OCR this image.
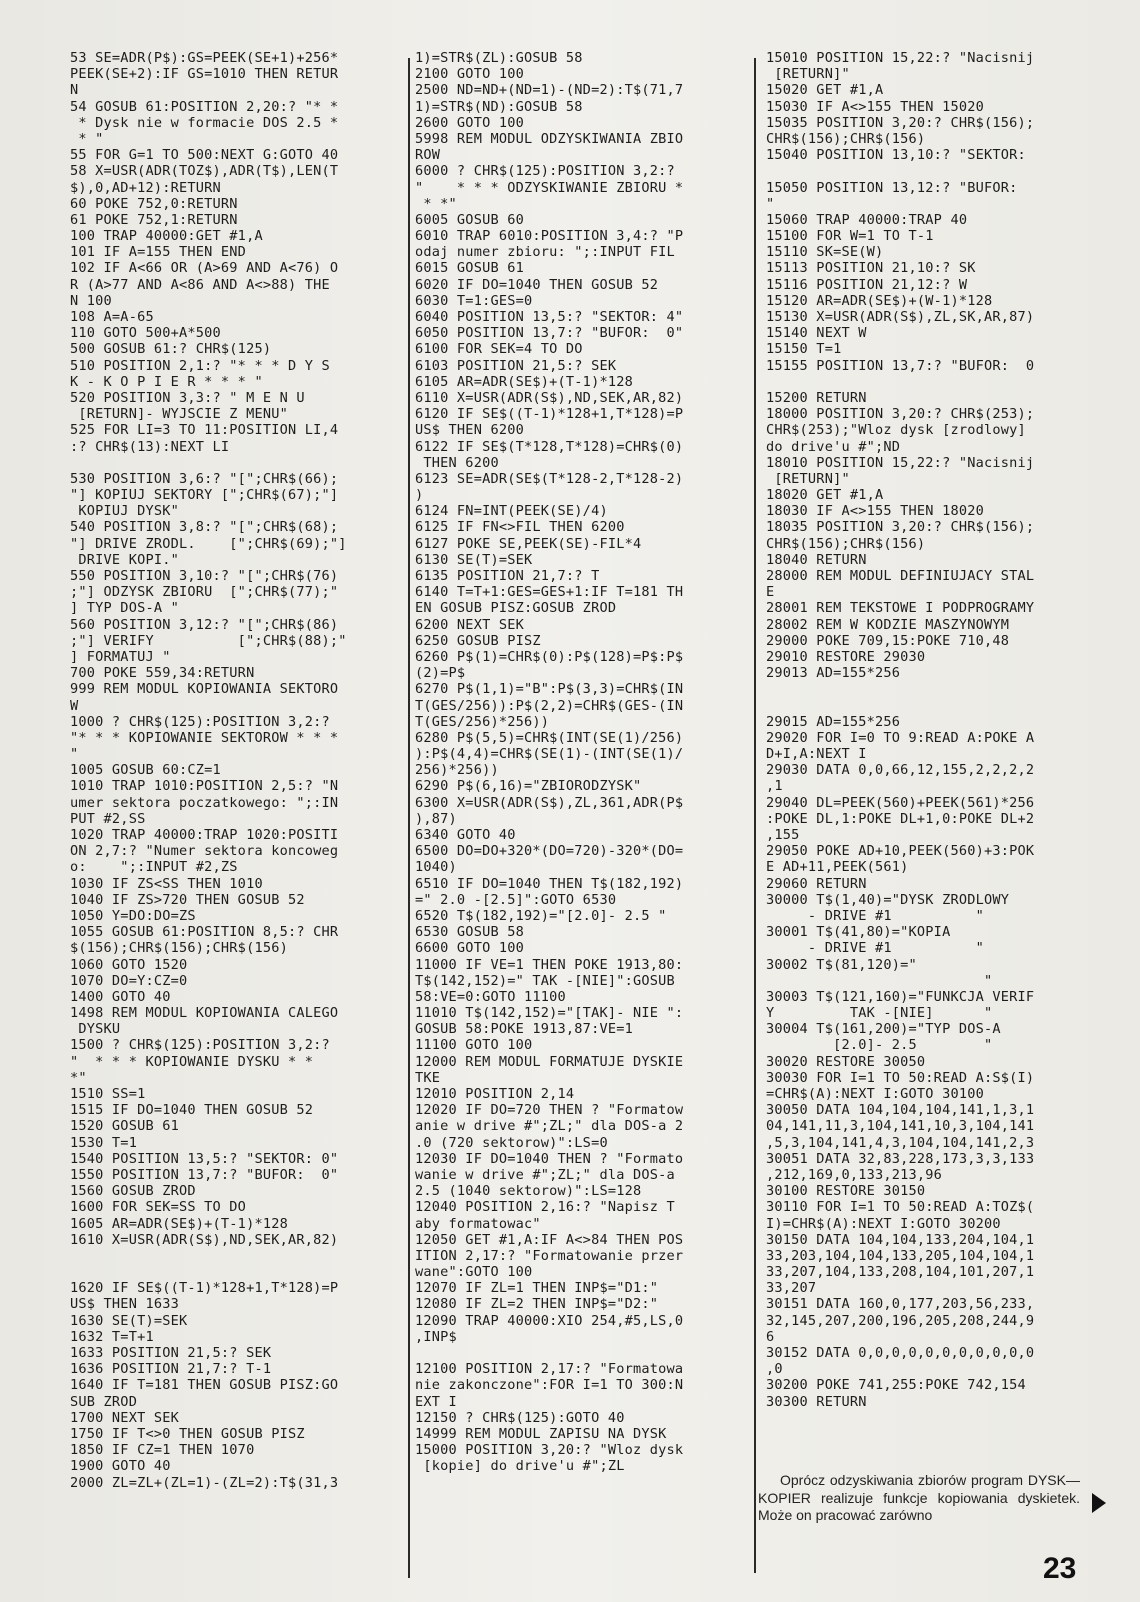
53 SE=ADR(P$):GS=PEEK(SE+1)+256*
PEEK(SE+2):IF GS=1010 THEN RETUR
N
54 GOSUB 61:POSITION 2,20:? "* *
* Dysk nie w formacie DOS 2.5 *
* "
55 FOR G=1 TO 500:NEXT G:GOTO 40
58 X=USR(ADR(TOZ$),ADR(T$),LEN(T
$),0,AD+12):RETURN
60 POKE 752,0:RETURN
61 POKE 752,1:RETURN
100 TRAP 40000:GET #1,A
101 IF A=155 THEN END
102 IF A<66 OR (A>69 AND A<76) O
R (A>77 AND A<86 AND A<>88) THE
N 100
108 A=A-65
110 GOTO 500+A*500
500 GOSUB 61:? CHR$(125)
510 POSITION 2,1:? "* * * D Y S
K - K O P I E R * * * "
520 POSITION 3,3:? " M E N U
[RETURN]- WYJSCIE Z MENU"
525 FOR LI=3 TO 11:POSITION LI,4
:? CHR$(13):NEXT LI
530 POSITION 3,6:? "[";CHR$(66);
"] KOPIUJ SEKTORY [";CHR$(67);"]
KOPIUJ DYSK"
540 POSITION 3,8:? "[";CHR$(68);
"] DRIVE ZRODL.    [";CHR$(69);"]
DRIVE KOPI."
550 POSITION 3,10:? "[";CHR$(76)
;"] ODZYSK ZBIORU  [";CHR$(77);"
] TYP DOS-A "
560 POSITION 3,12:? "[";CHR$(86)
;"] VERIFY          [";CHR$(88);"
] FORMATUJ "
700 POKE 559,34:RETURN
999 REM MODUL KOPIOWANIA SEKTORO
W
1000 ? CHR$(125):POSITION 3,2:?
"* * * KOPIOWANIE SEKTOROW * * *
"
1005 GOSUB 60:CZ=1
1010 TRAP 1010:POSITION 2,5:? "N
umer sektora poczatkowego: ";:IN
PUT #2,SS
1020 TRAP 40000:TRAP 1020:POSITI
ON 2,7:? "Numer sektora koncoweg
o:    ";:INPUT #2,ZS
1030 IF ZS<SS THEN 1010
1040 IF ZS>720 THEN GOSUB 52
1050 Y=DO:DO=ZS
1055 GOSUB 61:POSITION 8,5:? CHR
$(156);CHR$(156);CHR$(156)
1060 GOTO 1520
1070 DO=Y:CZ=0
1400 GOTO 40
1498 REM MODUL KOPIOWANIA CALEGO
DYSKU
1500 ? CHR$(125):POSITION 3,2:?
"  * * * KOPIOWANIE DYSKU * *
*"
1510 SS=1
1515 IF DO=1040 THEN GOSUB 52
1520 GOSUB 61
1530 T=1
1540 POSITION 13,5:? "SEKTOR: 0"
1550 POSITION 13,7:? "BUFOR:  0"
1560 GOSUB ZROD
1600 FOR SEK=SS TO DO
1605 AR=ADR(SE$)+(T-1)*128
1610 X=USR(ADR(S$),ND,SEK,AR,82)
1620 IF SE$((T-1)*128+1,T*128)=P
US$ THEN 1633
1630 SE(T)=SEK
1632 T=T+1
1633 POSITION 21,5:? SEK
1636 POSITION 21,7:? T-1
1640 IF T=181 THEN GOSUB PISZ:GO
SUB ZROD
1700 NEXT SEK
1750 IF T<>0 THEN GOSUB PISZ
1850 IF CZ=1 THEN 1070
1900 GOTO 40
2000 ZL=ZL+(ZL=1)-(ZL=2):T$(31,3
1)=STR$(ZL):GOSUB 58
2100 GOTO 100
2500 ND=ND+(ND=1)-(ND=2):T$(71,7
1)=STR$(ND):GOSUB 58
2600 GOTO 100
5998 REM MODUL ODZYSKIWANIA ZBIO
ROW
6000 ? CHR$(125):POSITION 3,2:?
"    * * * ODZYSKIWANIE ZBIORU *
* *"
6005 GOSUB 60
6010 TRAP 6010:POSITION 3,4:? "P
odaj numer zbioru: ";:INPUT FIL
6015 GOSUB 61
6020 IF DO=1040 THEN GOSUB 52
6030 T=1:GES=0
6040 POSITION 13,5:? "SEKTOR: 4"
6050 POSITION 13,7:? "BUFOR:  0"
6100 FOR SEK=4 TO DO
6103 POSITION 21,5:? SEK
6105 AR=ADR(SE$)+(T-1)*128
6110 X=USR(ADR(S$),ND,SEK,AR,82)
6120 IF SE$((T-1)*128+1,T*128)=P
US$ THEN 6200
6122 IF SE$(T*128,T*128)=CHR$(0)
THEN 6200
6123 SE=ADR(SE$(T*128-2,T*128-2)
)
6124 FN=INT(PEEK(SE)/4)
6125 IF FN<>FIL THEN 6200
6127 POKE SE,PEEK(SE)-FIL*4
6130 SE(T)=SEK
6135 POSITION 21,7:? T
6140 T=T+1:GES=GES+1:IF T=181 TH
EN GOSUB PISZ:GOSUB ZROD
6200 NEXT SEK
6250 GOSUB PISZ
6260 P$(1)=CHR$(0):P$(128)=P$:P$
(2)=P$
6270 P$(1,1)="B":P$(3,3)=CHR$(IN
T(GES/256)):P$(2,2)=CHR$(GES-(IN
T(GES/256)*256))
6280 P$(5,5)=CHR$(INT(SE(1)/256)
):P$(4,4)=CHR$(SE(1)-(INT(SE(1)/
256)*256))
6290 P$(6,16)="ZBIORODZYSK"
6300 X=USR(ADR(S$),ZL,361,ADR(P$
),87)
6340 GOTO 40
6500 DO=DO+320*(DO=720)-320*(DO=
1040)
6510 IF DO=1040 THEN T$(182,192)
=" 2.0 -[2.5]":GOTO 6530
6520 T$(182,192)="[2.0]- 2.5 "
6530 GOSUB 58
6600 GOTO 100
11000 IF VE=1 THEN POKE 1913,80:
T$(142,152)=" TAK -[NIE]":GOSUB
58:VE=0:GOTO 11100
11010 T$(142,152)="[TAK]- NIE ":
GOSUB 58:POKE 1913,87:VE=1
11100 GOTO 100
12000 REM MODUL FORMATUJE DYSKIE
TKE
12010 POSITION 2,14
12020 IF DO=720 THEN ? "Formatow
anie w drive #";ZL;" dla DOS-a 2
.0 (720 sektorow)":LS=0
12030 IF DO=1040 THEN ? "Formato
wanie w drive #";ZL;" dla DOS-a
2.5 (1040 sektorow)":LS=128
12040 POSITION 2,16:? "Napisz T
aby formatowac"
12050 GET #1,A:IF A<>84 THEN POS
ITION 2,17:? "Formatowanie przer
wane":GOTO 100
12070 IF ZL=1 THEN INP$="D1:"
12080 IF ZL=2 THEN INP$="D2:"
12090 TRAP 40000:XIO 254,#5,LS,0
,INP$
12100 POSITION 2,17:? "Formatowa
nie zakonczone":FOR I=1 TO 300:N
EXT I
12150 ? CHR$(125):GOTO 40
14999 REM MODUL ZAPISU NA DYSK
15000 POSITION 3,20:? "Wloz dysk
[kopie] do drive'u #";ZL
15010 POSITION 15,22:? "Nacisnij
[RETURN]"
15020 GET #1,A
15030 IF A<>155 THEN 15020
15035 POSITION 3,20:? CHR$(156);
CHR$(156);CHR$(156)
15040 POSITION 13,10:? "SEKTOR:
15050 POSITION 13,12:? "BUFOR:
"
15060 TRAP 40000:TRAP 40
15100 FOR W=1 TO T-1
15110 SK=SE(W)
15113 POSITION 21,10:? SK
15116 POSITION 21,12:? W
15120 AR=ADR(SE$)+(W-1)*128
15130 X=USR(ADR(S$),ZL,SK,AR,87)
15140 NEXT W
15150 T=1
15155 POSITION 13,7:? "BUFOR:  0
15200 RETURN
18000 POSITION 3,20:? CHR$(253);
CHR$(253);"Wloz dysk [zrodlowy]
do drive'u #";ND
18010 POSITION 15,22:? "Nacisnij
[RETURN]"
18020 GET #1,A
18030 IF A<>155 THEN 18020
18035 POSITION 3,20:? CHR$(156);
CHR$(156);CHR$(156)
18040 RETURN
28000 REM MODUL DEFINIUJACY STAL
E
28001 REM TEKSTOWE I PODPROGRAMY
28002 REM W KODZIE MASZYNOWYM
29000 POKE 709,15:POKE 710,48
29010 RESTORE 29030
29013 AD=155*256
29015 AD=155*256
29020 FOR I=0 TO 9:READ A:POKE A
D+I,A:NEXT I
29030 DATA 0,0,66,12,155,2,2,2,2
,1
29040 DL=PEEK(560)+PEEK(561)*256
:POKE DL,1:POKE DL+1,0:POKE DL+2
,155
29050 POKE AD+10,PEEK(560)+3:POK
E AD+11,PEEK(561)
29060 RETURN
30000 T$(1,40)="DYSK ZRODLOWY
- DRIVE #1          "
30001 T$(41,80)="KOPIA
- DRIVE #1          "
30002 T$(81,120)="
"
30003 T$(121,160)="FUNKCJA VERIF
Y         TAK -[NIE]      "
30004 T$(161,200)="TYP DOS-A
[2.0]- 2.5        "
30020 RESTORE 30050
30030 FOR I=1 TO 50:READ A:S$(I)
=CHR$(A):NEXT I:GOTO 30100
30050 DATA 104,104,104,141,1,3,1
04,141,11,3,104,141,10,3,104,141
,5,3,104,141,4,3,104,104,141,2,3
30051 DATA 32,83,228,173,3,3,133
,212,169,0,133,213,96
30100 RESTORE 30150
30110 FOR I=1 TO 50:READ A:TOZ$(
I)=CHR$(A):NEXT I:GOTO 30200
30150 DATA 104,104,133,204,104,1
33,203,104,104,133,205,104,104,1
33,207,104,133,208,104,101,207,1
33,207
30151 DATA 160,0,177,203,56,233,
32,145,207,200,196,205,208,244,9
6
30152 DATA 0,0,0,0,0,0,0,0,0,0,0
,0
30200 POKE 741,255:POKE 742,154
30300 RETURN

Oprócz odzyskiwania zbiorów program DYSK—KOPIER realizuje funkcje kopiowania dyskietek. Może on pracować zarówno

23
